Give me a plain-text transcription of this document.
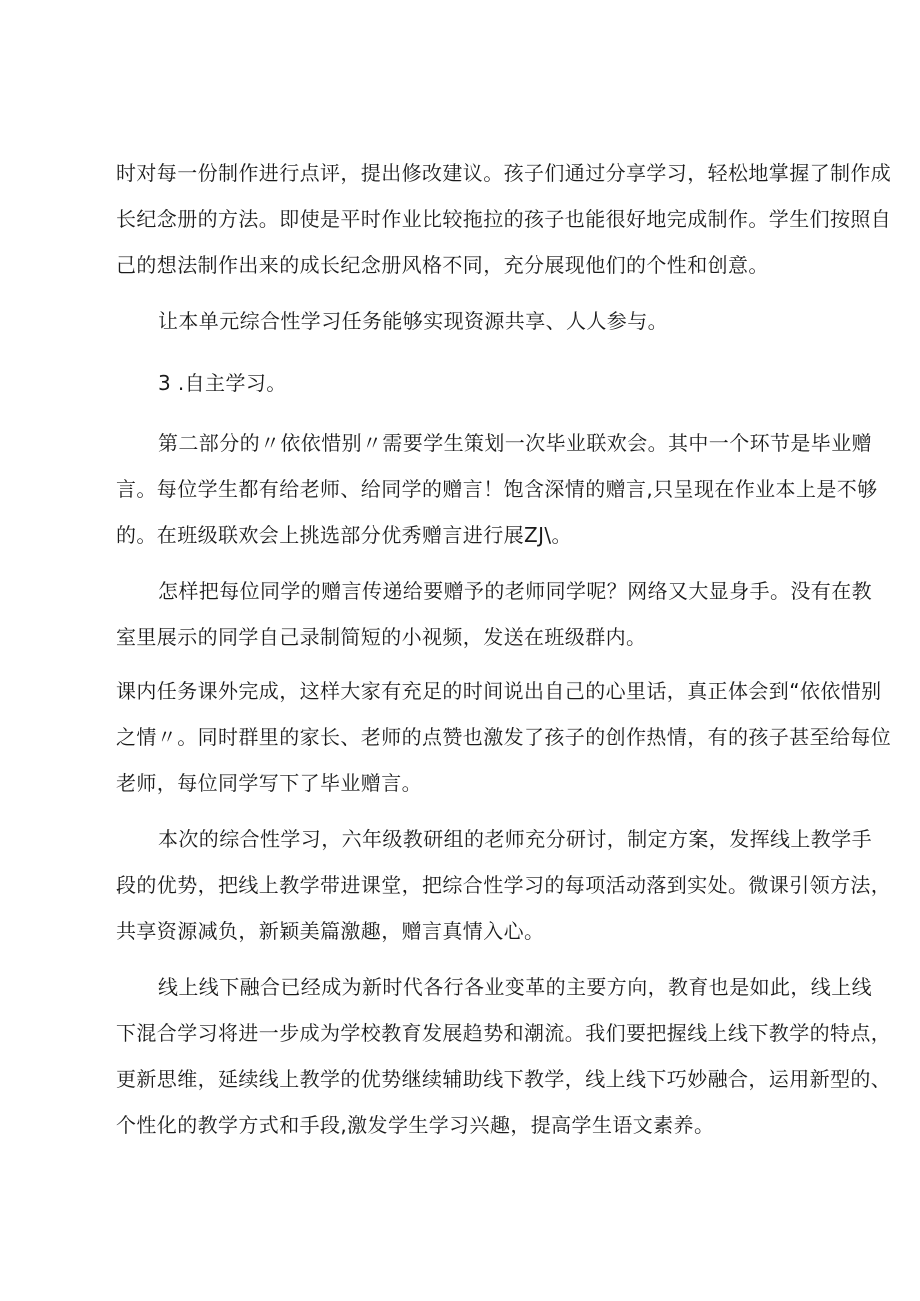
时对每一份制作进行点评，提出修改建议。孩子们通过分享学习，轻松地掌握了制作成
长纪念册的方法。即使是平时作业比较拖拉的孩子也能很好地完成制作。学生们按照自
己的想法制作出来的成长纪念册风格不同，充分展现他们的个性和创意。

让本单元综合性学习任务能够实现资源共享、人人参与。

3 .自主学习。

第二部分的〃依依惜别〃需要学生策划一次毕业联欢会。其中一个环节是毕业赠
言。每位学生都有给老师、给同学的赠言！饱含深情的赠言,只呈现在作业本上是不够
的。在班级联欢会上挑选部分优秀赠言进行展ZJ\。

怎样把每位同学的赠言传递给要赠予的老师同学呢？网络又大显身手。没有在教
室里展示的同学自己录制简短的小视频，发送在班级群内。

课内任务课外完成，这样大家有充足的时间说出自己的心里话，真正体会到“依依惜别
之情〃。同时群里的家长、老师的点赞也激发了孩子的创作热情，有的孩子甚至给每位
老师，每位同学写下了毕业赠言。

本次的综合性学习，六年级教研组的老师充分研讨，制定方案，发挥线上教学手
段的优势，把线上教学带进课堂，把综合性学习的每项活动落到实处。微课引领方法，
共享资源减负，新颖美篇激趣，赠言真情入心。

线上线下融合已经成为新时代各行各业变革的主要方向，教育也是如此，线上线
下混合学习将进一步成为学校教育发展趋势和潮流。我们要把握线上线下教学的特点，
更新思维，延续线上教学的优势继续辅助线下教学，线上线下巧妙融合，运用新型的、
个性化的教学方式和手段,激发学生学习兴趣，提高学生语文素养。
